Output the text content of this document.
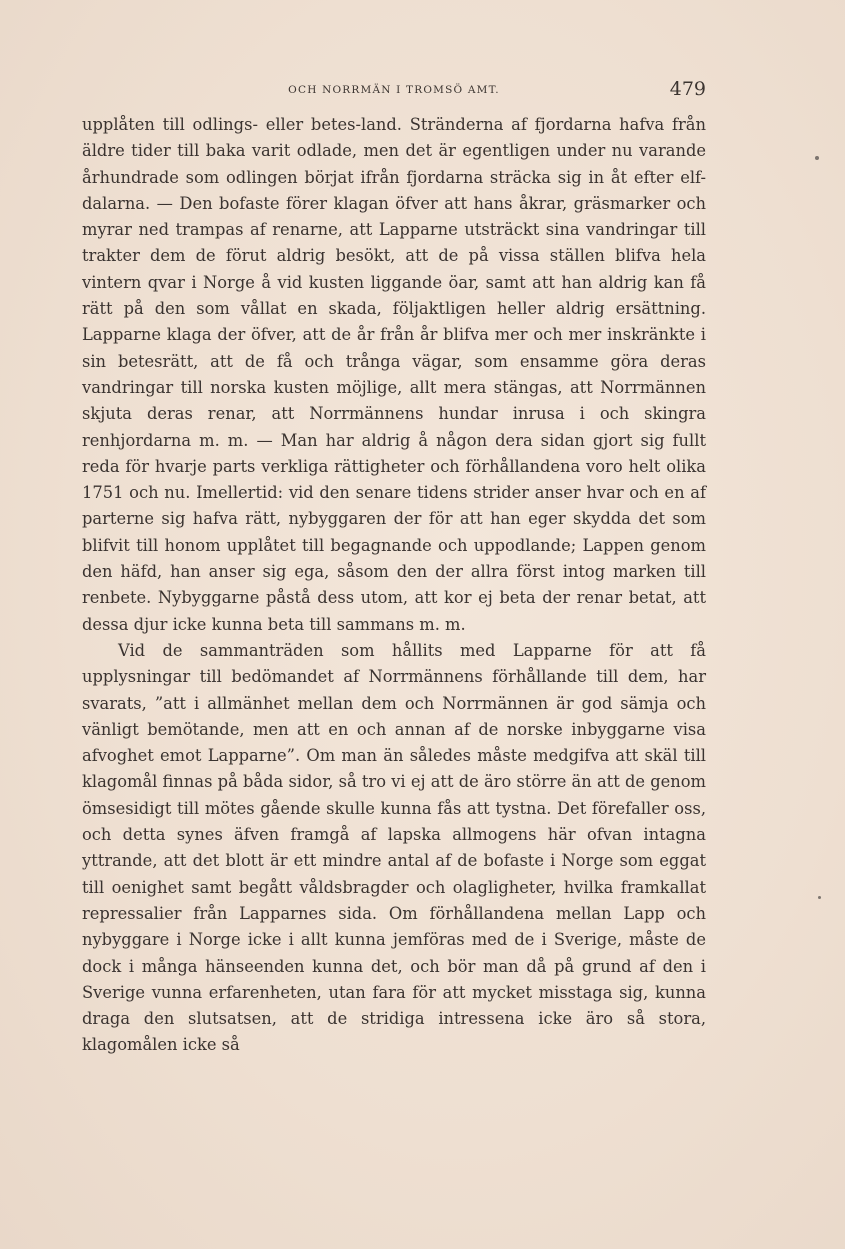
OCH NORRMÄN I TROMSÖ AMT.	479

upplåten till odlings- eller betes-land. Stränderna af fjordarna hafva från äldre tider till baka varit odlade, men det är egentligen under nu varande århundrade som odlingen börjat ifrån fjordarna sträcka sig in åt efter elf-dalarna. — Den bofaste förer klagan öfver att hans åkrar, gräsmarker och myrar ned trampas af renarne, att Lapparne utsträckt sina vandringar till trakter dem de förut aldrig besökt, att de på vissa ställen blifva hela vintern qvar i Norge å vid kusten liggande öar, samt att han aldrig kan få rätt på den som vållat en skada, följaktligen heller aldrig ersättning. Lapparne klaga der öfver, att de år från år blifva mer och mer inskränkte i sin betesrätt, att de få och trånga vägar, som ensamme göra deras vandringar till norska kusten möjlige, allt mera stängas, att Norrmännen skjuta deras renar, att Norrmännens hundar inrusa i och skingra renhjordarna m. m. — Man har aldrig å någon dera sidan gjort sig fullt reda för hvarje parts verkliga rättigheter och förhållandena voro helt olika 1751 och nu. Imellertid: vid den senare tidens strider anser hvar och en af parterne sig hafva rätt, nybyggaren der för att han eger skydda det som blifvit till honom upplåtet till begagnande och uppodlande; Lappen genom den häfd, han anser sig ega, såsom den der allra först intog marken till renbete. Nybyggarne påstå dess utom, att kor ej beta der renar betat, att dessa djur icke kunna beta till sammans m. m.

Vid de sammanträden som hållits med Lapparne för att få upplysningar till bedömandet af Norrmännens förhållande till dem, har svarats, ”att i allmänhet mellan dem och Norrmännen är god sämja och vänligt bemötande, men att en och annan af de norske inbyggarne visa afvoghet emot Lapparne”. Om man än således måste medgifva att skäl till klagomål finnas på båda sidor, så tro vi ej att de äro större än att de genom ömsesidigt till mötes gående skulle kunna fås att tystna. Det förefaller oss, och detta synes äfven framgå af lapska allmogens här ofvan intagna yttrande, att det blott är ett mindre antal af de bofaste i Norge som eggat till oenighet samt begått våldsbragder och olagligheter, hvilka framkallat repressalier från Lapparnes sida. Om förhållandena mellan Lapp och nybyggare i Norge icke i allt kunna jemföras med de i Sverige, måste de dock i många hänseenden kunna det, och bör man då på grund af den i Sverige vunna erfarenheten, utan fara för att mycket misstaga sig, kunna draga den slutsatsen, att de stridiga intressena icke äro så stora, klagomålen icke så
